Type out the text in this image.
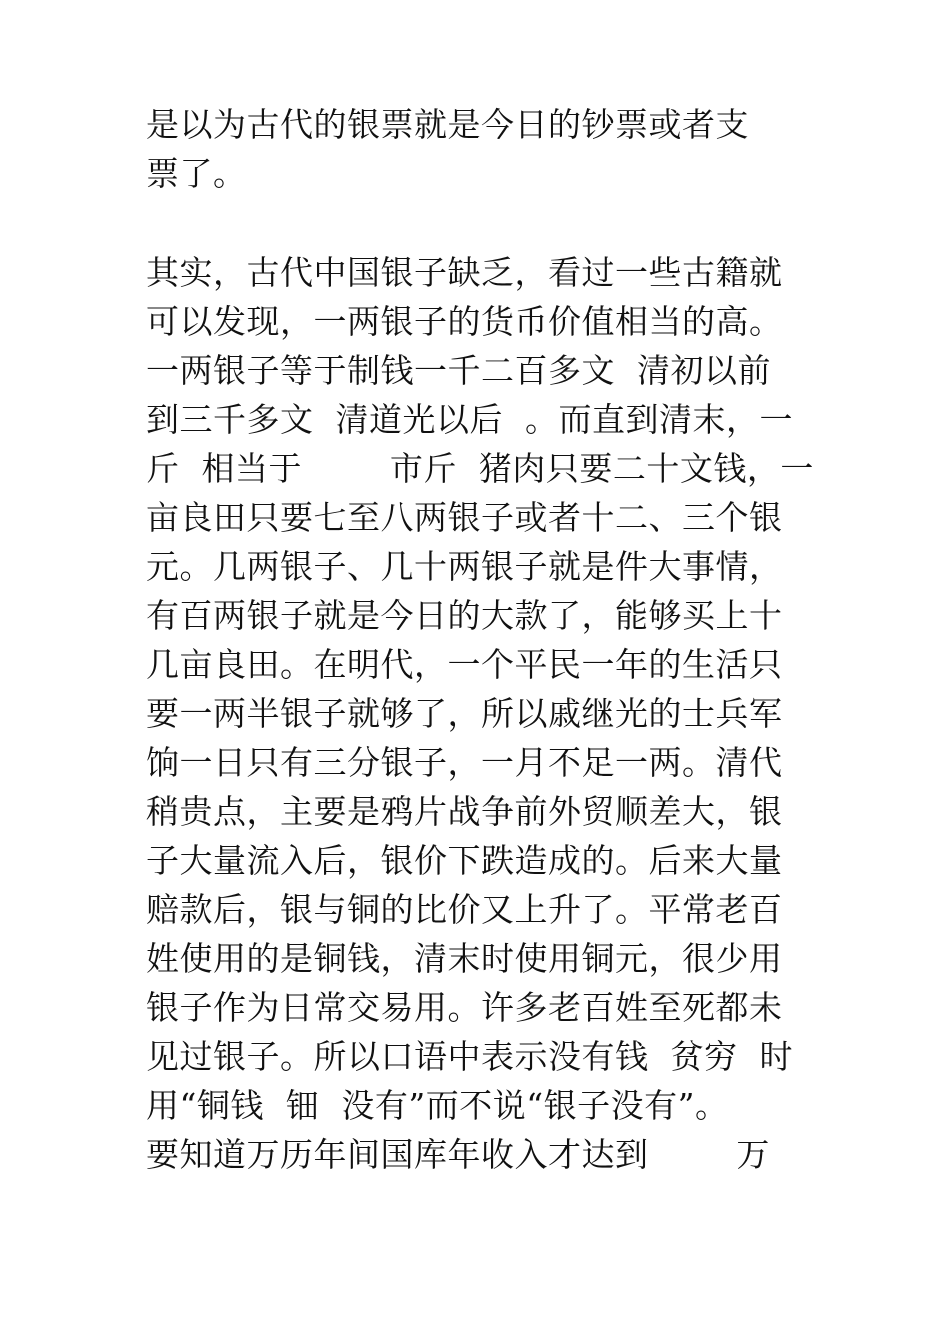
是以为古代的银票就是今日的钞票或者支
票了。
其实，古代中国银子缺乏，看过一些古籍就
可以发现，一两银子的货币价值相当的高。
一两银子等于制钱一千二百多文  清初以前
到三千多文  清道光以后  。而直到清末，一
斤  相当于        市斤  猪肉只要二十文钱，一
亩良田只要七至八两银子或者十二、三个银
元。几两银子、几十两银子就是件大事情，
有百两银子就是今日的大款了，能够买上十
几亩良田。在明代，一个平民一年的生活只
要一两半银子就够了，所以戚继光的士兵军
饷一日只有三分银子，一月不足一两。清代
稍贵点，主要是鸦片战争前外贸顺差大，银
子大量流入后，银价下跌造成的。后来大量
赔款后，银与铜的比价又上升了。平常老百
姓使用的是铜钱，清末时使用铜元，很少用
银子作为日常交易用。许多老百姓至死都未
见过银子。所以口语中表示没有钱  贫穷  时
用“铜钱  钿  没有”而不说“银子没有”。
要知道万历年间国库年收入才达到        万
